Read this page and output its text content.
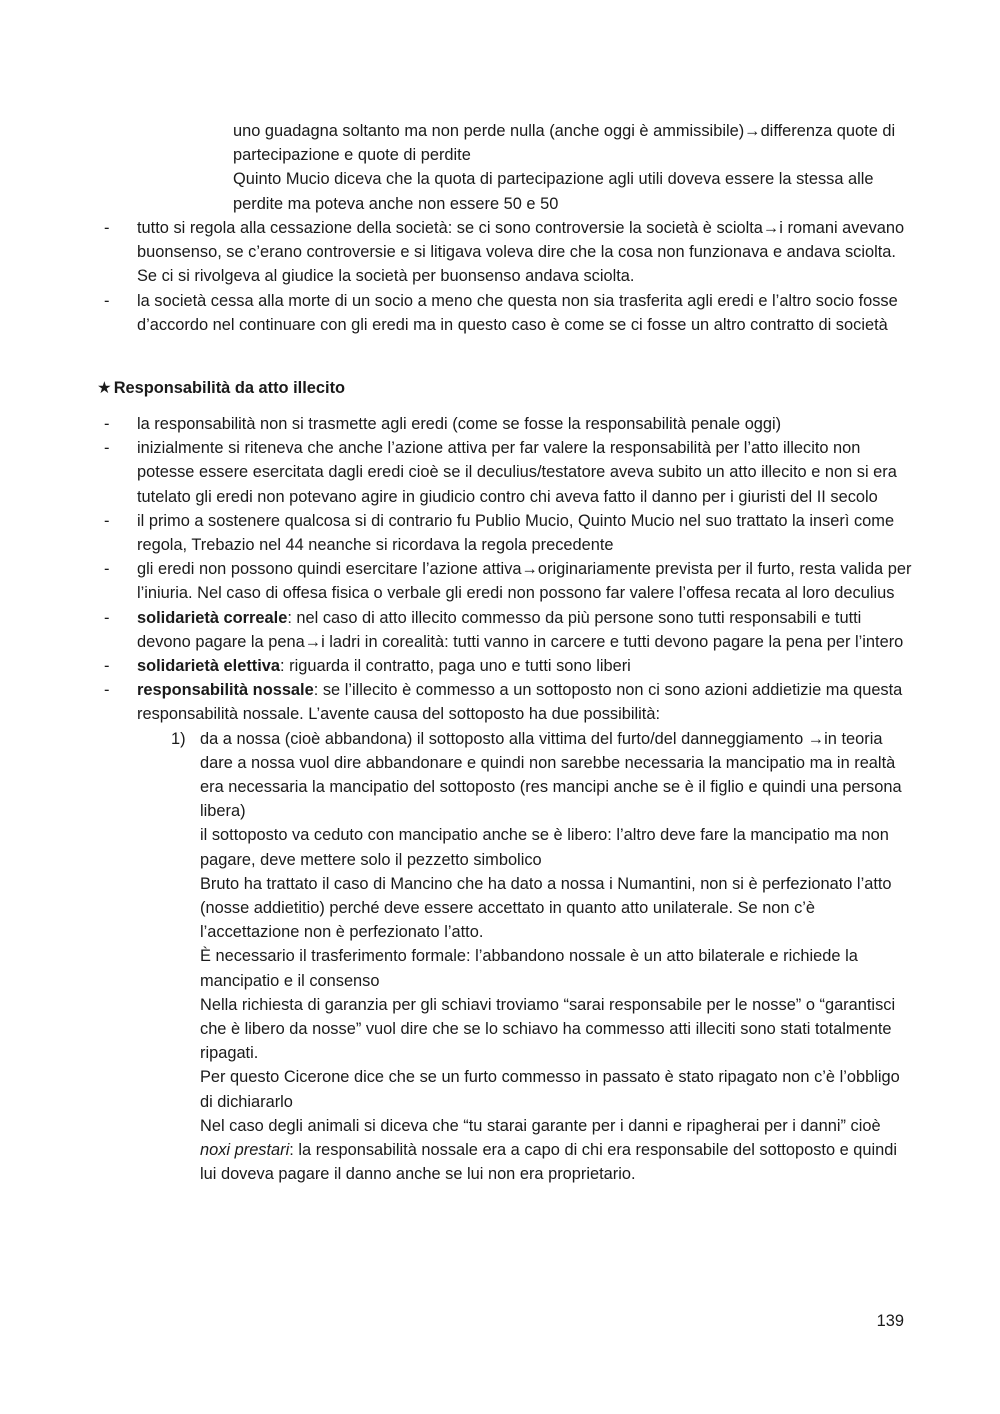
uno guadagna soltanto ma non perde nulla (anche oggi è ammissibile)→differenza quote di partecipazione e quote di perdite

Quinto Mucio diceva che la quota di partecipazione agli utili doveva essere la stessa alle perdite ma poteva anche non essere 50 e 50

- tutto si regola alla cessazione della società: se ci sono controversie la società è sciolta→i romani avevano buonsenso, se c’erano controversie e si litigava voleva dire che la cosa non funzionava e andava sciolta. Se ci si rivolgeva al giudice la società per buonsenso andava sciolta.
- la società cessa alla morte di un socio a meno che questa non sia trasferita agli eredi e l’altro socio fosse d’accordo nel continuare con gli eredi ma in questo caso è come se ci fosse un altro contratto di società
★ Responsabilità da atto illecito
- la responsabilità non si trasmette agli eredi (come se fosse la responsabilità penale oggi)
- inizialmente si riteneva che anche l’azione attiva per far valere la responsabilità per l’atto illecito non potesse essere esercitata dagli eredi cioè se il deculius/testatore aveva subito un atto illecito e non si era tutelato gli eredi non potevano agire in giudicio contro chi aveva fatto il danno per i giuristi del II secolo
- il primo a sostenere qualcosa si di contrario fu Publio Mucio, Quinto Mucio nel suo trattato la inserì come regola, Trebazio nel 44 neanche si ricordava la regola precedente
- gli eredi non possono quindi esercitare l’azione attiva→originariamente prevista per il furto, resta valida per l’iniuria. Nel caso di offesa fisica o verbale gli eredi non possono far valere l’offesa recata al loro deculius
- solidarietà correale: nel caso di atto illecito commesso da più persone sono tutti responsabili e tutti devono pagare la pena→i ladri in corealità: tutti vanno in carcere e tutti devono pagare la pena per l’intero
- solidarietà elettiva: riguarda il contratto, paga uno e tutti sono liberi
- responsabilità nossale: se l’illecito è commesso a un sottoposto non ci sono azioni addietizie ma questa responsabilità nossale. L’avente causa del sottoposto ha due possibilità:
1) da a nossa (cioè abbandona) il sottoposto alla vittima del furto/del danneggiamento →in teoria dare a nossa vuol dire abbandonare e quindi non sarebbe necessaria la mancipatio ma in realtà era necessaria la mancipatio del sottoposto (res mancipi anche se è il figlio e quindi una persona libera)

il sottoposto va ceduto con mancipatio anche se è libero: l’altro deve fare la mancipatio ma non pagare, deve mettere solo il pezzetto simbolico

Bruto ha trattato il caso di Mancino che ha dato a nossa i Numantini, non si è perfezionato l’atto (nosse addietitio) perché deve essere accettato in quanto atto unilaterale. Se non c’è l’accettazione non è perfezionato l’atto.

È necessario il trasferimento formale: l’abbandono nossale è un atto bilaterale e richiede la mancipatio e il consenso

Nella richiesta di garanzia per gli schiavi troviamo “sarai responsabile per le nosse” o “garantisci che è libero da nosse” vuol dire che se lo schiavo ha commesso atti illeciti sono stati totalmente ripagati.

Per questo Cicerone dice che se un furto commesso in passato è stato ripagato non c’è l’obbligo di dichiararlo

Nel caso degli animali si diceva che “tu starai garante per i danni e ripagherai per i danni” cioè noxi prestari: la responsabilità nossale era a capo di chi era responsabile del sottoposto e quindi lui doveva pagare il danno anche se lui non era proprietario.

139
